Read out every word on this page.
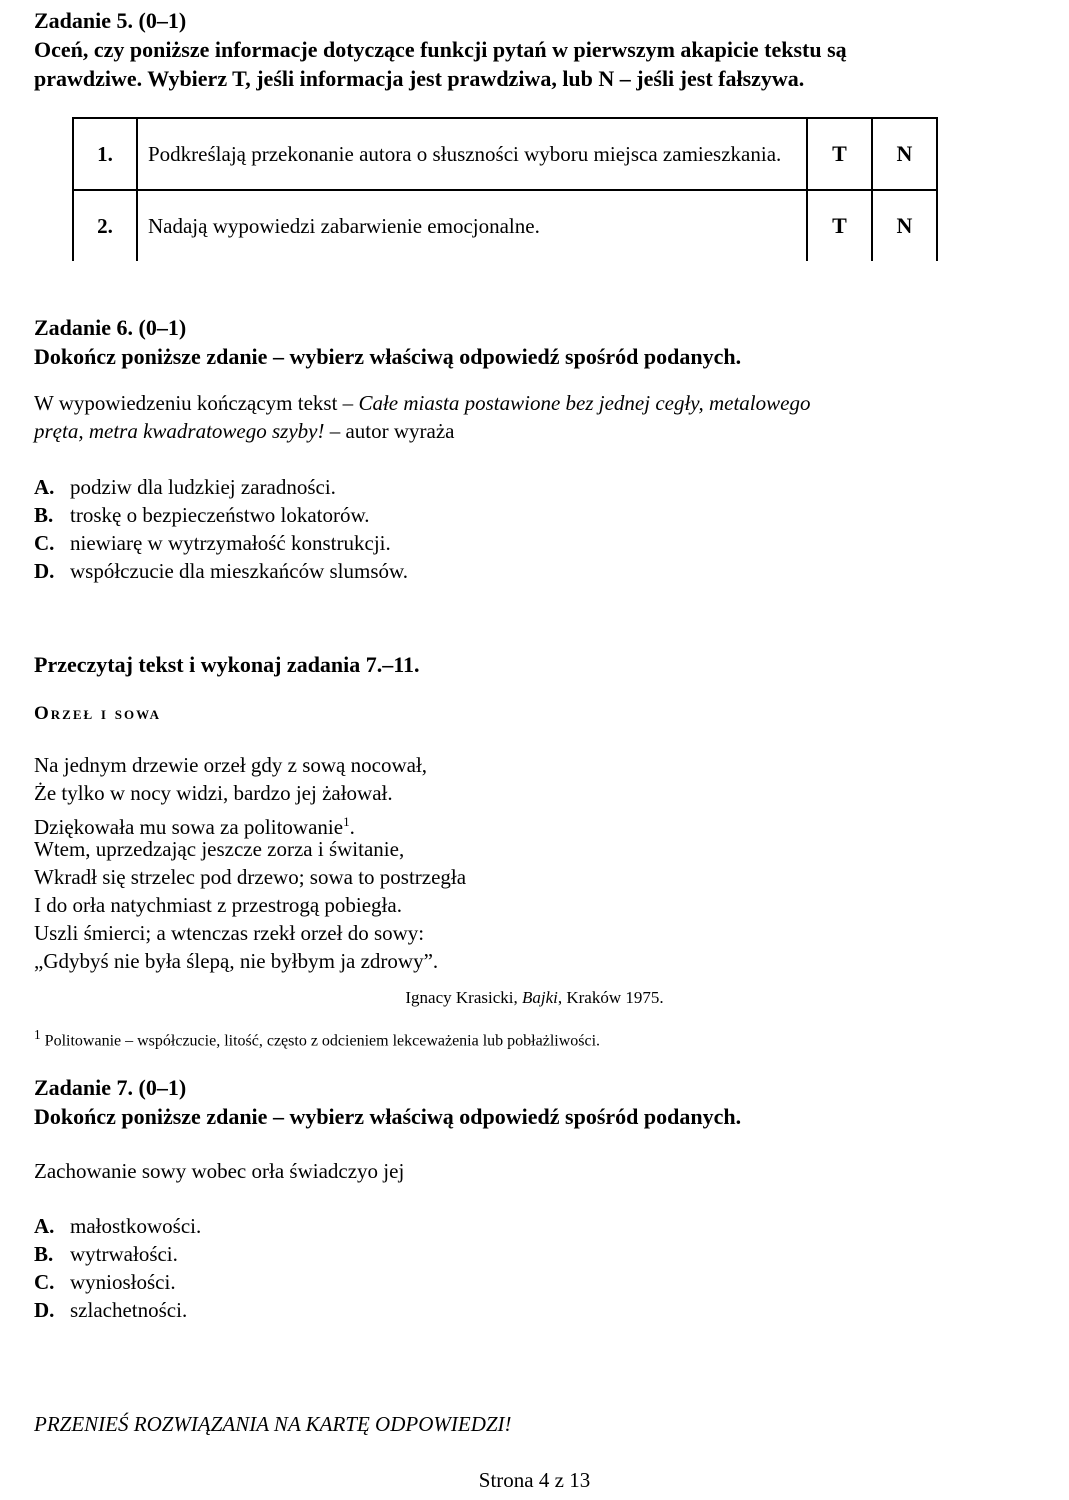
Zadanie 5. (0–1)
Oceń, czy poniższe informacje dotyczące funkcji pytań w pierwszym akapicie tekstu są
prawdziwe. Wybierz T, jeśli informacja jest prawdziwa, lub N – jeśli jest fałszywa.
1.	Podkreślają przekonanie autora o słuszności wyboru miejsca zamieszkania.	T	N
2.	Nadają wypowiedzi zabarwienie emocjonalne.	T	N
Zadanie 6. (0–1)
Dokończ poniższe zdanie – wybierz właściwą odpowiedź spośród podanych.
W wypowiedzeniu kończącym tekst – Całe miasta postawione bez jednej cegły, metalowego
pręta, metra kwadratowego szyby! – autor wyraża
A. podziw dla ludzkiej zaradności.
B. troskę o bezpieczeństwo lokatorów.
C. niewiarę w wytrzymałość konstrukcji.
D. współczucie dla mieszkańców slumsów.
Przeczytaj tekst i wykonaj zadania 7.–11.
Orzeł i sowa
Na jednym drzewie orzeł gdy z sową nocował,
Że tylko w nocy widzi, bardzo jej żałował.
Dziękowała mu sowa za politowanie$^1$.
Wtem, uprzedzając jeszcze zorza i świtanie,
Wkradł się strzelec pod drzewo; sowa to postrzegła
I do orła natychmiast z przestrogą pobiegła.
Uszli śmierci; a wtenczas rzekł orzeł do sowy:
„Gdybyś nie była ślepą, nie byłbym ja zdrowy”.
Ignacy Krasicki, Bajki, Kraków 1975.
$^1$ Politowanie – współczucie, litość, często z odcieniem lekceważenia lub pobłażliwości.
Zadanie 7. (0–1)
Dokończ poniższe zdanie – wybierz właściwą odpowiedź spośród podanych.
Zachowanie sowy wobec orła świadczyo jej
A. małostkowości.
B. wytrwałości.
C. wyniosłości.
D. szlachetności.
PRZENIEŚ ROZWIĄZANIA NA KARTĘ ODPOWIEDZI!
Strona 4 z 13
